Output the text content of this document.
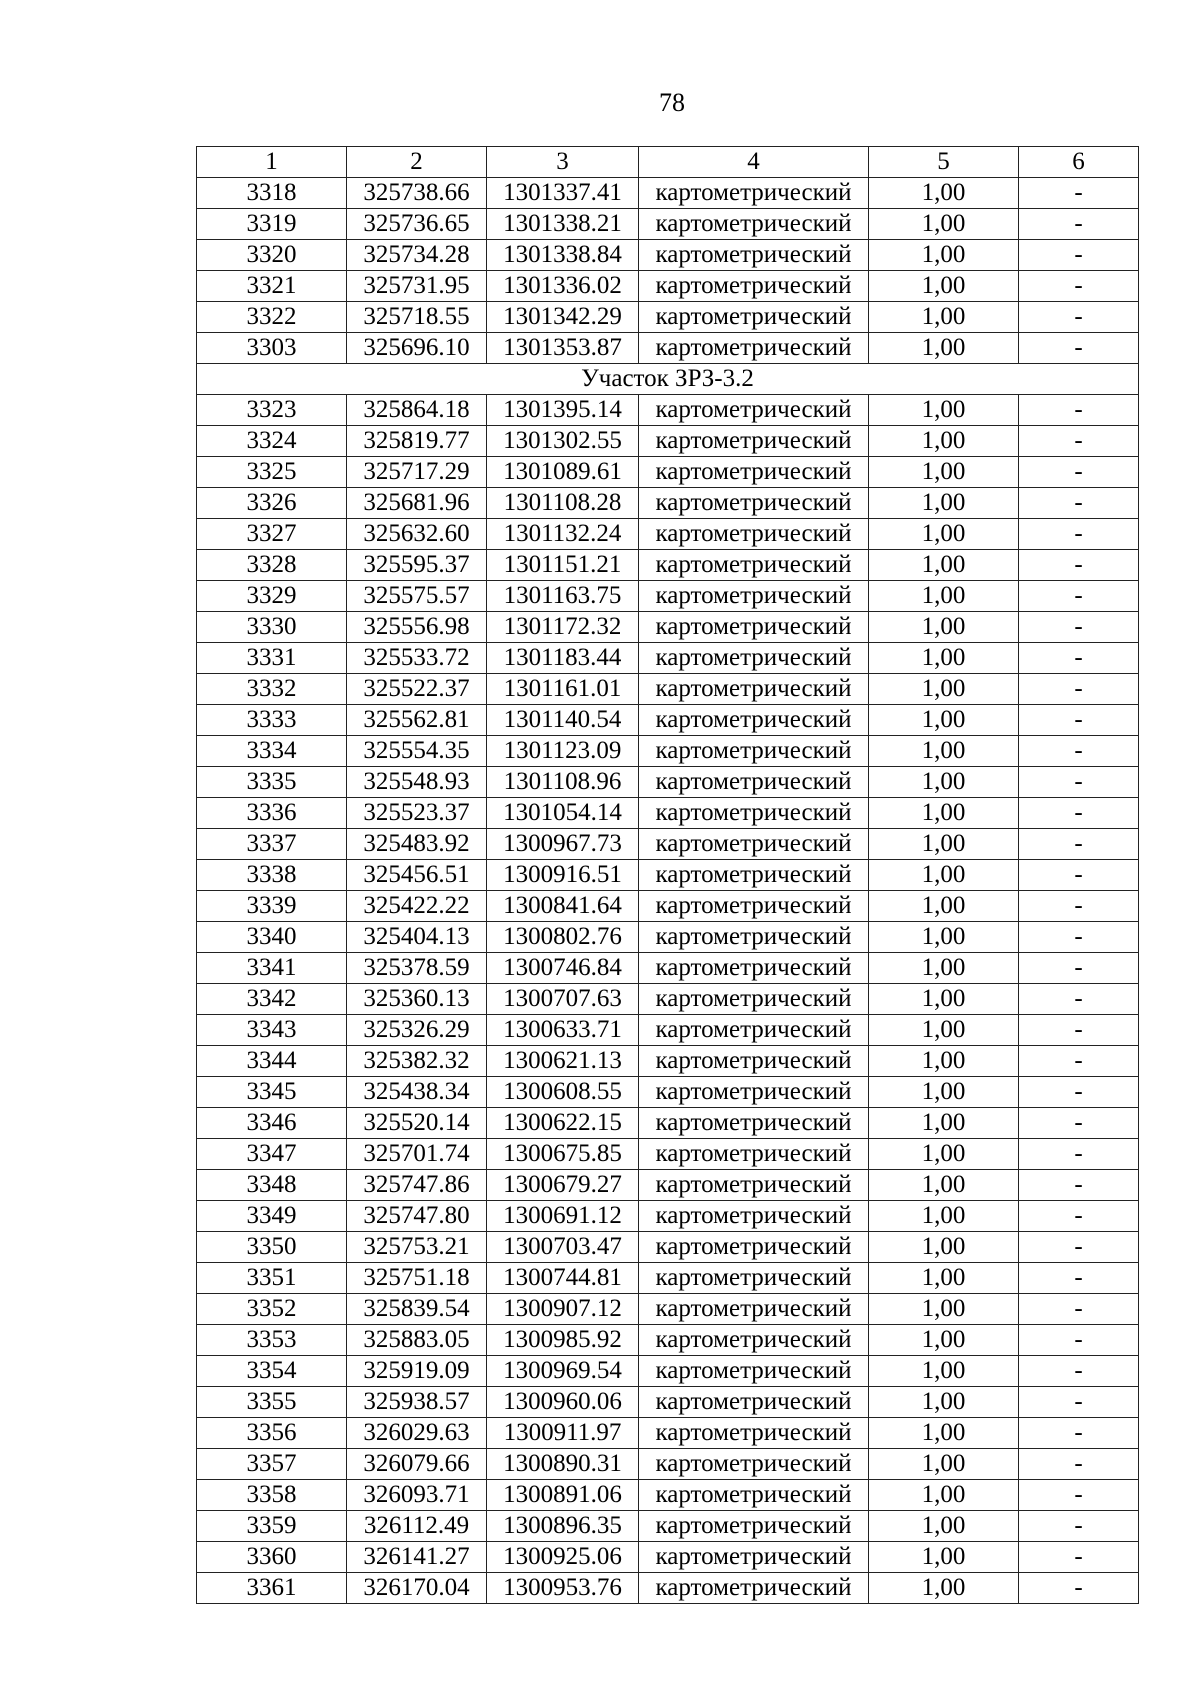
78
1	2	3	4	5	6
3318	325738.66	1301337.41	картометрический	1,00	-
3319	325736.65	1301338.21	картометрический	1,00	-
3320	325734.28	1301338.84	картометрический	1,00	-
3321	325731.95	1301336.02	картометрический	1,00	-
3322	325718.55	1301342.29	картометрический	1,00	-
3303	325696.10	1301353.87	картометрический	1,00	-
Участок ЗРЗ-3.2					
3323	325864.18	1301395.14	картометрический	1,00	-
3324	325819.77	1301302.55	картометрический	1,00	-
3325	325717.29	1301089.61	картометрический	1,00	-
3326	325681.96	1301108.28	картометрический	1,00	-
3327	325632.60	1301132.24	картометрический	1,00	-
3328	325595.37	1301151.21	картометрический	1,00	-
3329	325575.57	1301163.75	картометрический	1,00	-
3330	325556.98	1301172.32	картометрический	1,00	-
3331	325533.72	1301183.44	картометрический	1,00	-
3332	325522.37	1301161.01	картометрический	1,00	-
3333	325562.81	1301140.54	картометрический	1,00	-
3334	325554.35	1301123.09	картометрический	1,00	-
3335	325548.93	1301108.96	картометрический	1,00	-
3336	325523.37	1301054.14	картометрический	1,00	-
3337	325483.92	1300967.73	картометрический	1,00	-
3338	325456.51	1300916.51	картометрический	1,00	-
3339	325422.22	1300841.64	картометрический	1,00	-
3340	325404.13	1300802.76	картометрический	1,00	-
3341	325378.59	1300746.84	картометрический	1,00	-
3342	325360.13	1300707.63	картометрический	1,00	-
3343	325326.29	1300633.71	картометрический	1,00	-
3344	325382.32	1300621.13	картометрический	1,00	-
3345	325438.34	1300608.55	картометрический	1,00	-
3346	325520.14	1300622.15	картометрический	1,00	-
3347	325701.74	1300675.85	картометрический	1,00	-
3348	325747.86	1300679.27	картометрический	1,00	-
3349	325747.80	1300691.12	картометрический	1,00	-
3350	325753.21	1300703.47	картометрический	1,00	-
3351	325751.18	1300744.81	картометрический	1,00	-
3352	325839.54	1300907.12	картометрический	1,00	-
3353	325883.05	1300985.92	картометрический	1,00	-
3354	325919.09	1300969.54	картометрический	1,00	-
3355	325938.57	1300960.06	картометрический	1,00	-
3356	326029.63	1300911.97	картометрический	1,00	-
3357	326079.66	1300890.31	картометрический	1,00	-
3358	326093.71	1300891.06	картометрический	1,00	-
3359	326112.49	1300896.35	картометрический	1,00	-
3360	326141.27	1300925.06	картометрический	1,00	-
3361	326170.04	1300953.76	картометрический	1,00	-
